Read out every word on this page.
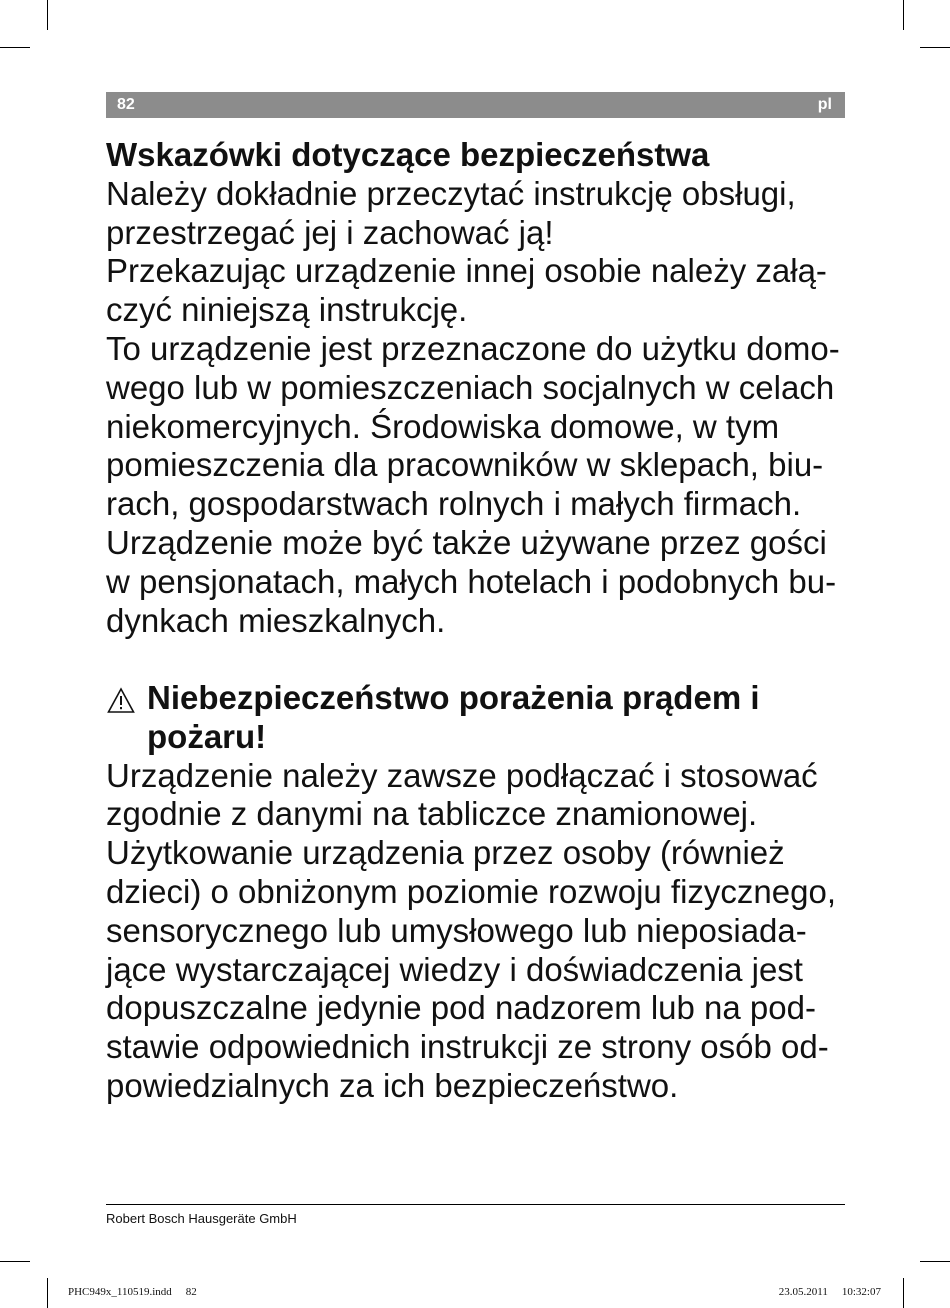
82	pl
Wskazówki dotyczące bezpieczeństwa
Należy dokładnie przeczytać instrukcję obsługi,
przestrzegać jej i zachować ją!
Przekazując urządzenie innej osobie należy załą-
czyć niniejszą instrukcję.
To urządzenie jest przeznaczone do użytku domo-
wego lub w pomieszczeniach socjalnych w celach
niekomercyjnych. Środowiska domowe, w tym
pomieszczenia dla pracowników w sklepach, biu-
rach, gospodarstwach rolnych i małych firmach.
Urządzenie może być także używane przez gości
w pensjonatach, małych hotelach i podobnych bu-
dynkach mieszkalnych.
Niebezpieczeństwo porażenia prądem i
pożaru!
Urządzenie należy zawsze podłączać i stosować
zgodnie z danymi na tabliczce znamionowej.
Użytkowanie urządzenia przez osoby (również
dzieci) o obniżonym poziomie rozwoju fizycznego,
sensorycznego lub umysłowego lub nieposiada-
jące wystarczającej wiedzy i doświadczenia jest
dopuszczalne jedynie pod nadzorem lub na pod-
stawie odpowiednich instrukcji ze strony osób od-
powiedzialnych za ich bezpieczeństwo.
Robert Bosch Hausgeräte GmbH
PHC949x_110519.indd 82	23.05.2011 10:32:07
